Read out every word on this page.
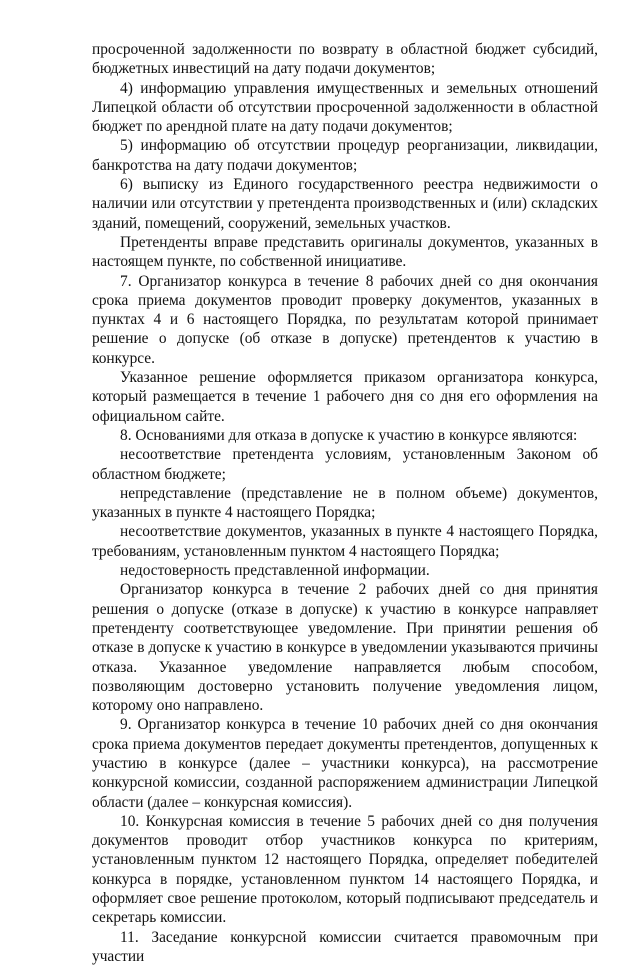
просроченной задолженности по возврату в областной бюджет субсидий, бюджетных инвестиций на дату подачи документов;

4) информацию управления имущественных и земельных отношений Липецкой области об отсутствии просроченной задолженности в областной бюджет по арендной плате на дату подачи документов;

5) информацию об отсутствии процедур реорганизации, ликвидации, банкротства на дату подачи документов;

6) выписку из Единого государственного реестра недвижимости о наличии или отсутствии у претендента производственных и (или) складских зданий, помещений, сооружений, земельных участков.

Претенденты вправе представить оригиналы документов, указанных в настоящем пункте, по собственной инициативе.

7. Организатор конкурса в течение 8 рабочих дней со дня окончания срока приема документов проводит проверку документов, указанных в пунктах 4 и 6 настоящего Порядка, по результатам которой принимает решение о допуске (об отказе в допуске) претендентов к участию в конкурсе.

Указанное решение оформляется приказом организатора конкурса, который размещается в течение 1 рабочего дня со дня его оформления на официальном сайте.

8. Основаниями для отказа в допуске к участию в конкурсе являются:

несоответствие претендента условиям, установленным Законом об областном бюджете;

непредставление (представление не в полном объеме) документов, указанных в пункте 4 настоящего Порядка;

несоответствие документов, указанных в пункте 4 настоящего Порядка, требованиям, установленным пунктом 4 настоящего Порядка;

недостоверность представленной информации.

Организатор конкурса в течение 2 рабочих дней со дня принятия решения о допуске (отказе в допуске) к участию в конкурсе направляет претенденту соответствующее уведомление. При принятии решения об отказе в допуске к участию в конкурсе в уведомлении указываются причины отказа. Указанное уведомление направляется любым способом, позволяющим достоверно установить получение уведомления лицом, которому оно направлено.

9. Организатор конкурса в течение 10 рабочих дней со дня окончания срока приема документов передает документы претендентов, допущенных к участию в конкурсе (далее – участники конкурса), на рассмотрение конкурсной комиссии, созданной распоряжением администрации Липецкой области (далее – конкурсная комиссия).

10. Конкурсная комиссия в течение 5 рабочих дней со дня получения документов проводит отбор участников конкурса по критериям, установленным пунктом 12 настоящего Порядка, определяет победителей конкурса в порядке, установленном пунктом 14 настоящего Порядка, и оформляет свое решение протоколом, который подписывают председатель и секретарь комиссии.

11. Заседание конкурсной комиссии считается правомочным при участии
